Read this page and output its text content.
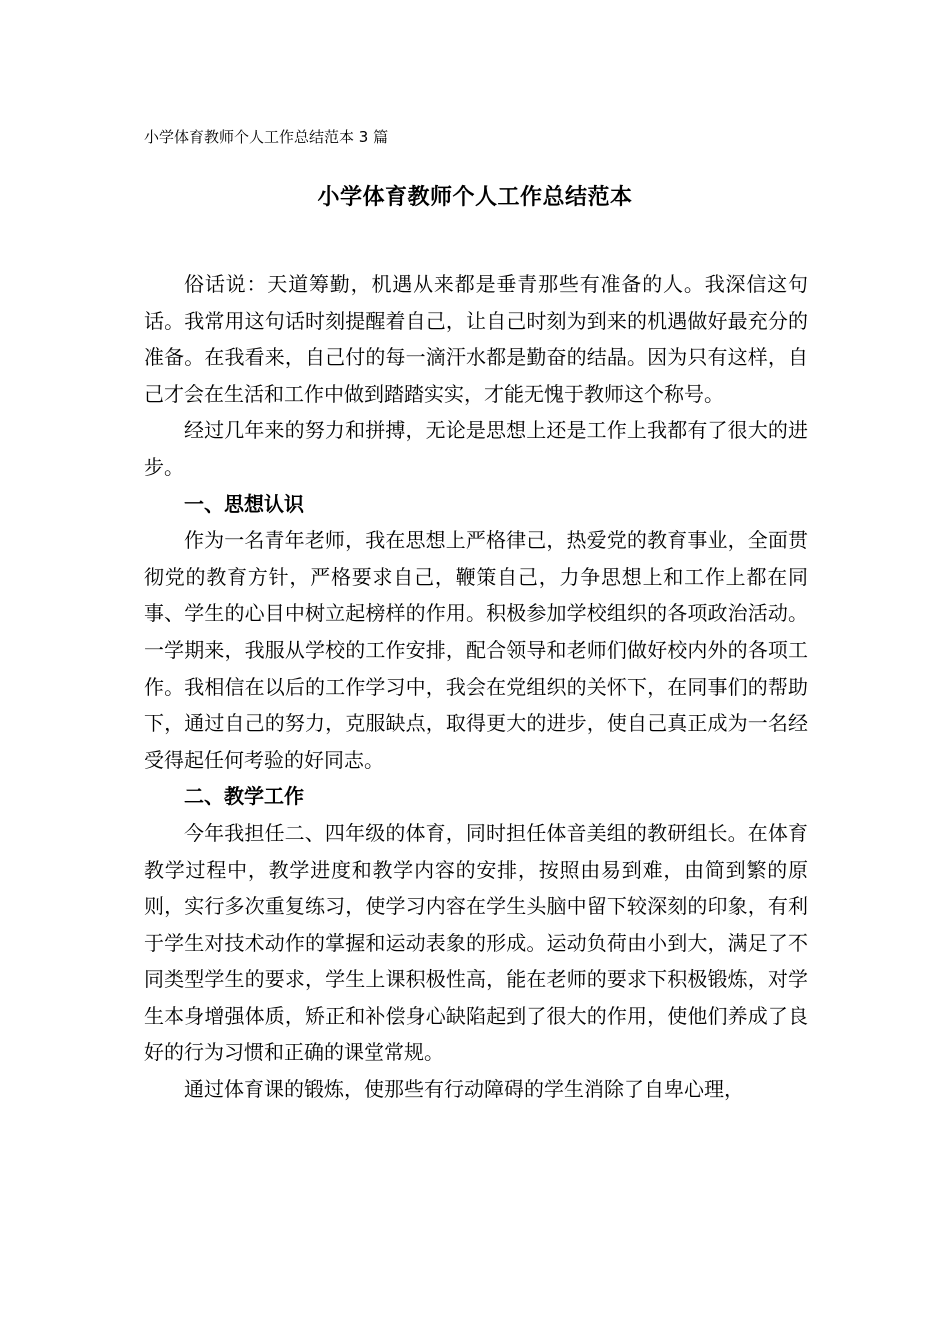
小学体育教师个人工作总结范本 3 篇
小学体育教师个人工作总结范本

俗话说：天道筹勤，机遇从来都是垂青那些有准备的人。我深信这句话。我常用这句话时刻提醒着自己，让自己时刻为到来的机遇做好最充分的准备。在我看来，自己付的每一滴汗水都是勤奋的结晶。因为只有这样，自己才会在生活和工作中做到踏踏实实，才能无愧于教师这个称号。

经过几年来的努力和拼搏，无论是思想上还是工作上我都有了很大的进步。

一、思想认识

作为一名青年老师，我在思想上严格律己，热爱党的教育事业，全面贯彻党的教育方针，严格要求自己，鞭策自己，力争思想上和工作上都在同事、学生的心目中树立起榜样的作用。积极参加学校组织的各项政治活动。一学期来，我服从学校的工作安排，配合领导和老师们做好校内外的各项工作。我相信在以后的工作学习中，我会在党组织的关怀下，在同事们的帮助下，通过自己的努力，克服缺点，取得更大的进步，使自己真正成为一名经受得起任何考验的好同志。

二、教学工作

今年我担任二、四年级的体育，同时担任体音美组的教研组长。在体育教学过程中，教学进度和教学内容的安排，按照由易到难，由简到繁的原则，实行多次重复练习，使学习内容在学生头脑中留下较深刻的印象，有利于学生对技术动作的掌握和运动表象的形成。运动负荷由小到大，满足了不同类型学生的要求，学生上课积极性高，能在老师的要求下积极锻炼，对学生本身增强体质，矫正和补偿身心缺陷起到了很大的作用，使他们养成了良好的行为习惯和正确的课堂常规。

通过体育课的锻炼，使那些有行动障碍的学生消除了自卑心理，
